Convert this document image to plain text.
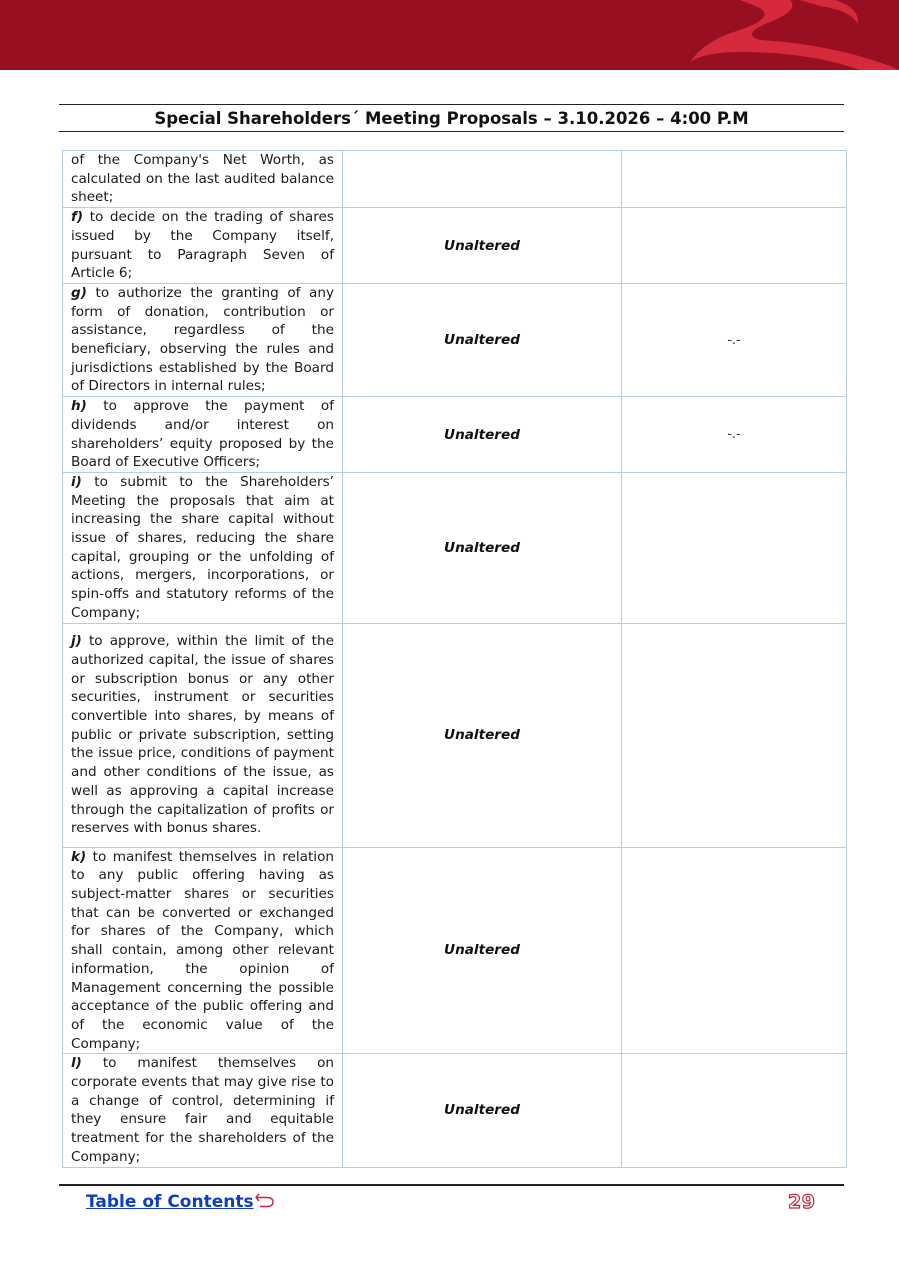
Special Shareholders´ Meeting Proposals – 3.10.2026 – 4:00 P.M
of the Company's Net Worth, as calculated on the last audited balance sheet;		

f) to decide on the trading of shares issued by the Company itself, pursuant to Paragraph Seven of Article 6;	Unaltered	

g) to authorize the granting of any form of donation, contribution or assistance, regardless of the beneficiary, observing the rules and jurisdictions established by the Board of Directors in internal rules;	Unaltered	-.-

h) to approve the payment of dividends and/or interest on shareholders’ equity proposed by the Board of Executive Officers;	Unaltered	-.-

i) to submit to the Shareholders’ Meeting the proposals that aim at increasing the share capital without issue of shares, reducing the share capital, grouping or the unfolding of actions, mergers, incorporations, or spin-offs and statutory reforms of the Company;	Unaltered	

j) to approve, within the limit of the authorized capital, the issue of shares or subscription bonus or any other securities, instrument or securities convertible into shares, by means of public or private subscription, setting the issue price, conditions of payment and other conditions of the issue, as well as approving a capital increase through the capitalization of profits or reserves with bonus shares.	Unaltered	

k) to manifest themselves in relation to any public offering having as subject-matter shares or securities that can be converted or exchanged for shares of the Company, which shall contain, among other relevant information, the opinion of Management concerning the possible acceptance of the public offering and of the economic value of the Company;	Unaltered	

l) to manifest themselves on corporate events that may give rise to a change of control, determining if they ensure fair and equitable treatment for the shareholders of the Company;	Unaltered	
Table of Contents	29
